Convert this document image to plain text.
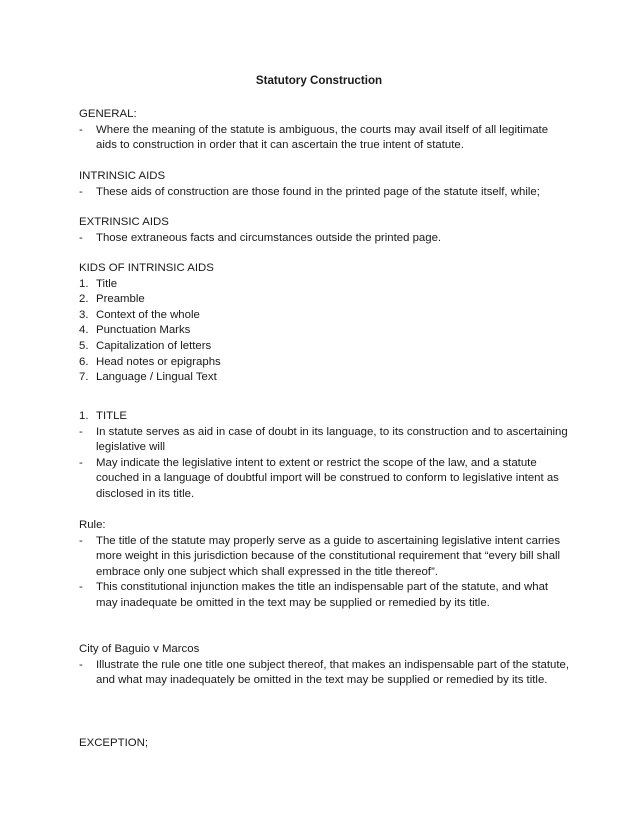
Statutory Construction

GENERAL:

- Where the meaning of the statute is ambiguous, the courts may avail itself of all legitimate aids to construction in order that it can ascertain the true intent of statute.

INTRINSIC AIDS

- These aids of construction are those found in the printed page of the statute itself, while;

EXTRINSIC AIDS

- Those extraneous facts and circumstances outside the printed page.

KIDS OF INTRINSIC AIDS

1. Title

2. Preamble

3. Context of the whole

4. Punctuation Marks

5. Capitalization of letters

6. Head notes or epigraphs

7. Language / Lingual Text

1. TITLE

- In statute serves as aid in case of doubt in its language, to its construction and to ascertaining legislative will

- May indicate the legislative intent to extent or restrict the scope of the law, and a statute couched in a language of doubtful import will be construed to conform to legislative intent as disclosed in its title.

Rule:

- The title of the statute may properly serve as a guide to ascertaining legislative intent carries more weight in this jurisdiction because of the constitutional requirement that “every bill shall embrace only one subject which shall expressed in the title thereof”.

- This constitutional injunction makes the title an indispensable part of the statute, and what may inadequate be omitted in the text may be supplied or remedied by its title.

City of Baguio v Marcos

- Illustrate the rule one title one subject thereof, that makes an indispensable part of the statute, and what may inadequately be omitted in the text may be supplied or remedied by its title.

EXCEPTION;
